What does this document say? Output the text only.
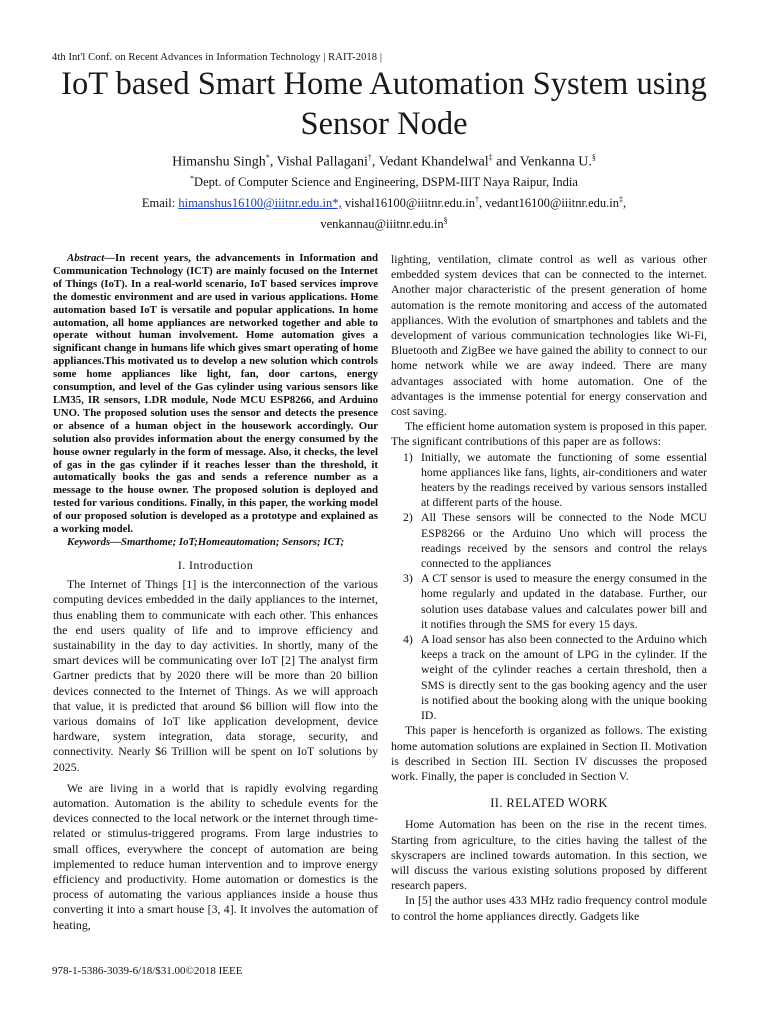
4th Int'l Conf. on Recent Advances in Information Technology | RAIT-2018 |
IoT based Smart Home Automation System using
Sensor Node
Himanshu Singh*, Vishal Pallagani†, Vedant Khandelwal‡ and Venkanna U.§
*Dept. of Computer Science and Engineering, DSPM-IIIT Naya Raipur, India
Email: himanshus16100@iiitnr.edu.in*, vishal16100@iiitnr.edu.in†, vedant16100@iiitnr.edu.in‡,
venkannau@iiitnr.edu.in§

Abstract—In recent years, the advancements in Information and Communication Technology (ICT) are mainly focused on the Internet of Things (IoT). In a real-world scenario, IoT based services improve the domestic environment and are used in various applications. Home automation based IoT is versatile and popular applications. In home automation, all home appliances are networked together and able to operate without human involvement. Home automation gives a significant change in humans life which gives smart operating of home appliances.This motivated us to develop a new solution which controls some home appliances like light, fan, door cartons, energy consumption, and level of the Gas cylinder using various sensors like LM35, IR sensors, LDR module, Node MCU ESP8266, and Arduino UNO. The proposed solution uses the sensor and detects the presence or absence of a human object in the housework accordingly. Our solution also provides information about the energy consumed by the house owner regularly in the form of message. Also, it checks, the level of gas in the gas cylinder if it reaches lesser than the threshold, it automatically books the gas and sends a reference number as a message to the house owner. The proposed solution is deployed and tested for various conditions. Finally, in this paper, the working model of our proposed solution is developed as a prototype and explained as a working model.

Keywords—Smarthome; IoT;Homeautomation; Sensors; ICT;

I. Introduction

The Internet of Things [1] is the interconnection of the various computing devices embedded in the daily appliances to the internet, thus enabling them to communicate with each other. This enhances the end users quality of life and to improve efficiency and sustainability in the day to day activities. In shortly, many of the smart devices will be communicating over IoT [2] The analyst firm Gartner predicts that by 2020 there will be more than 20 billion devices connected to the Internet of Things. As we will approach that value, it is predicted that around $6 billion will flow into the various domains of IoT like application development, device hardware, system integration, data storage, security, and connectivity. Nearly $6 Trillion will be spent on IoT solutions by 2025.

We are living in a world that is rapidly evolving regarding automation. Automation is the ability to schedule events for the devices connected to the local network or the internet through time-related or stimulus-triggered programs. From large industries to small offices, everywhere the concept of automation are being implemented to reduce human intervention and to improve energy efficiency and productivity. Home automation or domestics is the process of automating the various appliances inside a house thus converting it into a smart house [3, 4]. It involves the automation of heating,

lighting, ventilation, climate control as well as various other embedded system devices that can be connected to the internet. Another major characteristic of the present generation of home automation is the remote monitoring and access of the automated appliances. With the evolution of smartphones and tablets and the development of various communication technologies like Wi-Fi, Bluetooth and ZigBee we have gained the ability to connect to our home network while we are away indeed. There are many advantages associated with home automation. One of the advantages is the immense potential for energy conservation and cost saving.

The efficient home automation system is proposed in this paper. The significant contributions of this paper are as follows:

1) Initially, we automate the functioning of some essential home appliances like fans, lights, air-conditioners and water heaters by the readings received by various sensors installed at different parts of the house.
2) All These sensors will be connected to the Node MCU ESP8266 or the Arduino Uno which will process the readings received by the sensors and control the relays connected to the appliances
3) A CT sensor is used to measure the energy consumed in the home regularly and updated in the database. Further, our solution uses database values and calculates power bill and it notifies through the SMS for every 15 days.
4) A load sensor has also been connected to the Arduino which keeps a track on the amount of LPG in the cylinder. If the weight of the cylinder reaches a certain threshold, then a SMS is directly sent to the gas booking agency and the user is notified about the booking along with the unique booking ID.

This paper is henceforth is organized as follows. The existing home automation solutions are explained in Section II. Motivation is described in Section III. Section IV discusses the proposed work. Finally, the paper is concluded in Section V.

II. RELATED WORK

Home Automation has been on the rise in the recent times. Starting from agriculture, to the cities having the tallest of the skyscrapers are inclined towards automation. In this section, we will discuss the various existing solutions proposed by different research papers.

In [5] the author uses 433 MHz radio frequency control module to control the home appliances directly. Gadgets like

978-1-5386-3039-6/18/$31.00©2018 IEEE
